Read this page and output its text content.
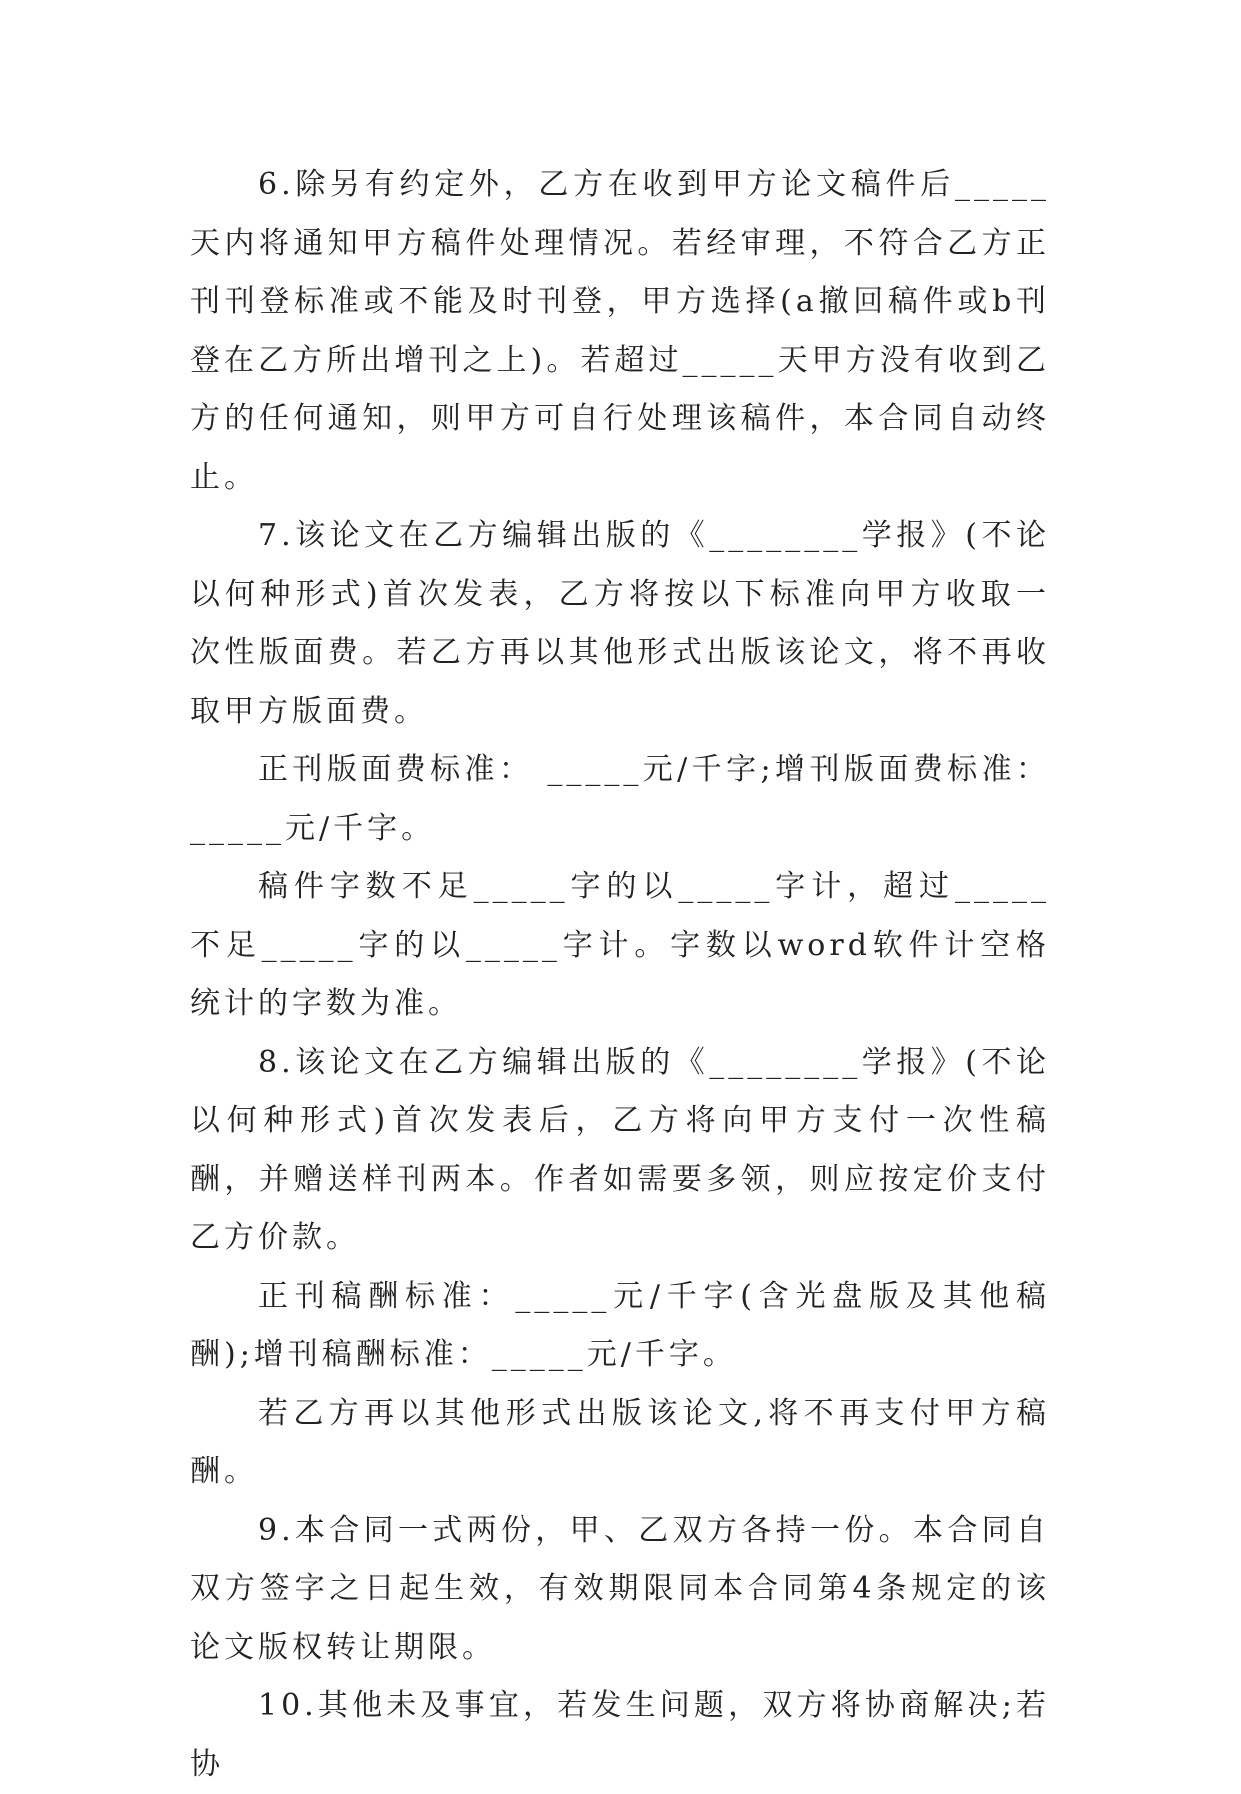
6.除另有约定外，乙方在收到甲方论文稿件后_____天内将通知甲方稿件处理情况。若经审理，不符合乙方正刊刊登标准或不能及时刊登，甲方选择(a撤回稿件或b刊登在乙方所出增刊之上)。若超过_____天甲方没有收到乙方的任何通知，则甲方可自行处理该稿件，本合同自动终止。

7.该论文在乙方编辑出版的《________学报》(不论以何种形式)首次发表，乙方将按以下标准向甲方收取一次性版面费。若乙方再以其他形式出版该论文，将不再收取甲方版面费。

正刊版面费标准： _____元/千字;增刊版面费标准：_____元/千字。

稿件字数不足_____字的以_____字计，超过_____不足_____字的以_____字计。字数以word软件计空格统计的字数为准。

8.该论文在乙方编辑出版的《________学报》(不论以何种形式)首次发表后，乙方将向甲方支付一次性稿酬，并赠送样刊两本。作者如需要多领，则应按定价支付乙方价款。

正刊稿酬标准：_____元/千字(含光盘版及其他稿酬);增刊稿酬标准：_____元/千字。

若乙方再以其他形式出版该论文,将不再支付甲方稿酬。

9.本合同一式两份，甲、乙双方各持一份。本合同自双方签字之日起生效，有效期限同本合同第4条规定的该论文版权转让期限。

10.其他未及事宜，若发生问题，双方将协商解决;若协
